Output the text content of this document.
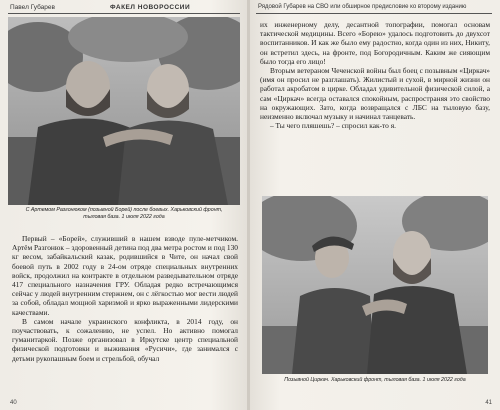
Павел Губарев	ФАКЕЛ НОВОРОССИИ
С Артемом Разгонюком (позывной Борей) после боевых. Харьковский фронт,
тыловая база. 1 июля 2022 года

Первый – «Борей», служивший в нашем взводе пуле-метчиком. Артём Разгонюк – здоровенный детина под два метра ростом и под 130 кг весом, забайкальский казак, родившийся в Чите, он начал свой боевой путь в 2002 году в 24-ом отряде специальных внутренних войск, продолжил на контракте в отдельном разведывательном отряде 417 специального назначения ГРУ. Обладая редко встречающимся сейчас у людей внутренним стержнем, он с лёгкостью мог вести людей за собой, обладал мощной харизмой и ярко выраженными лидерскими качествами.

В самом начале украинского конфликта, в 2014 году, он поучаствовать, к сожалению, не успел. Но активно помогал гуманитаркой. Позже организовал в Иркутске центр специальной физической подготовки и выживания «Русичи», где занимался с детьми рукопашным боем и стрельбой, обучал

40
Рядовой Губарев на СВО или обширное предисловие ко второму изданию

их инженерному делу, десантной топографии, помогал основам тактической медицины. Всего «Борею» удалось подготовить до двухсот воспитанников. И как же было ему радостно, когда один из них, Никиту, он встретил здесь, на фронте, под Богородичным. Каким же сияющим было тогда его лицо!

Вторым ветераном Чеченской войны был боец с позывным «Циркач» (имя он просил не разглашать). Жилистый и сухой, в мирной жизни он работал акробатом в цирке. Обладал удивительной физической силой, а сам «Циркач» всегда оставался спокойным, распространяя это свойство на окружающих. Зато, когда возвращался с ЛБС на тыловую базу, неизменно включал музыку и начинал танцевать.

– Ты чего пляшешь? – спросил как-то я.

Позывной Циркач. Харьковский фронт, тыловая база. 1 июля 2022 года
41
